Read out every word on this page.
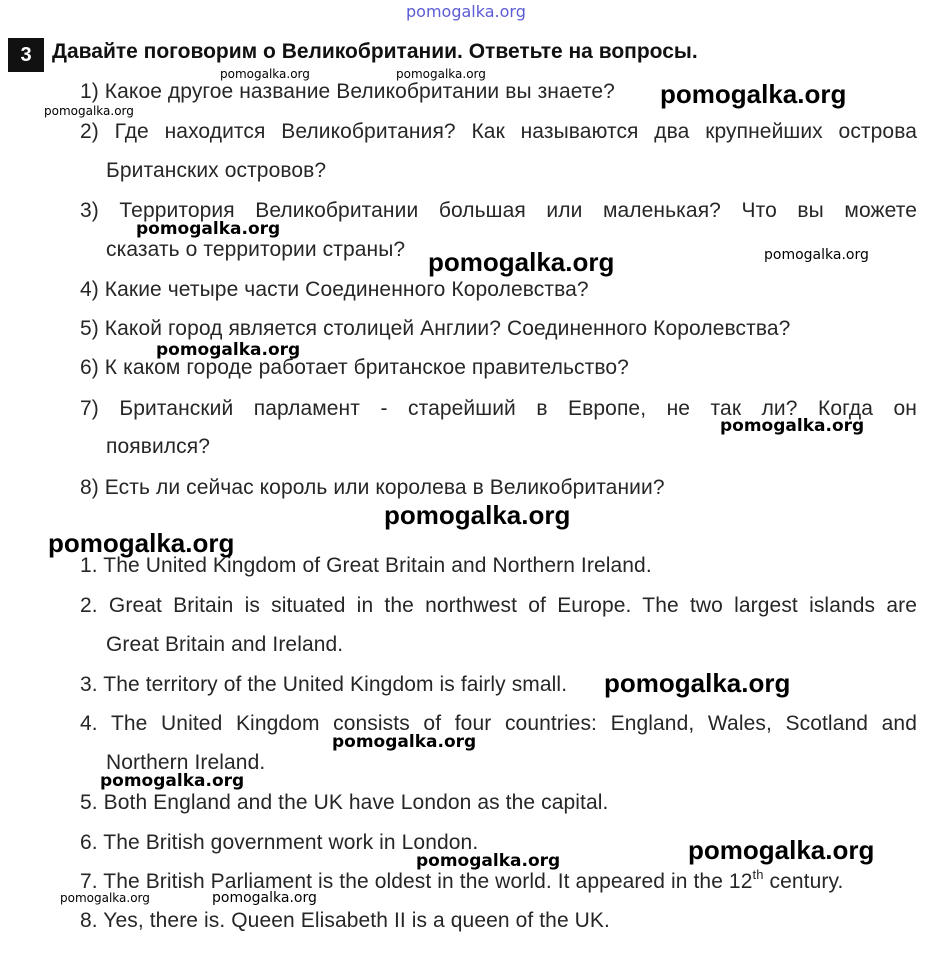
pomogalka.org
3 Давайте поговорим о Великобритании. Ответьте на вопросы.
1) Какое другое название Великобритании вы знаете?
2) Где находится Великобритания? Как называются два крупнейших острова
Британских островов?
3) Территория Великобритании большая или маленькая? Что вы можете
сказать о территории страны?
4) Какие четыре части Соединенного Королевства?
5) Какой город является столицей Англии? Соединенного Королевства?
6) К каком городе работает британское правительство?
7) Британский парламент - старейший в Европе, не так ли? Когда он
появился?
8) Есть ли сейчас король или королева в Великобритании?
1. The United Kingdom of Great Britain and Northern Ireland.
2. Great Britain is situated in the northwest of Europe. The two largest islands are
Great Britain and Ireland.
3. The territory of the United Kingdom is fairly small.
4. The United Kingdom consists of four countries: England, Wales, Scotland and
Northern Ireland.
5. Both England and the UK have London as the capital.
6. The British government work in London.
7. The British Parliament is the oldest in the world. It appeared in the 12th century.
8. Yes, there is. Queen Elisabeth II is a queen of the UK.
pomogalka.org	pomogalka.org
pomogalka.org
pomogalka.org
pomogalka.org
pomogalka.org	pomogalka.org
pomogalka.org
pomogalka.org
pomogalka.org
pomogalka.org
pomogalka.org
pomogalka.org
pomogalka.org
pomogalka.org
pomogalka.org
pomogalka.org	pomogalka.org
